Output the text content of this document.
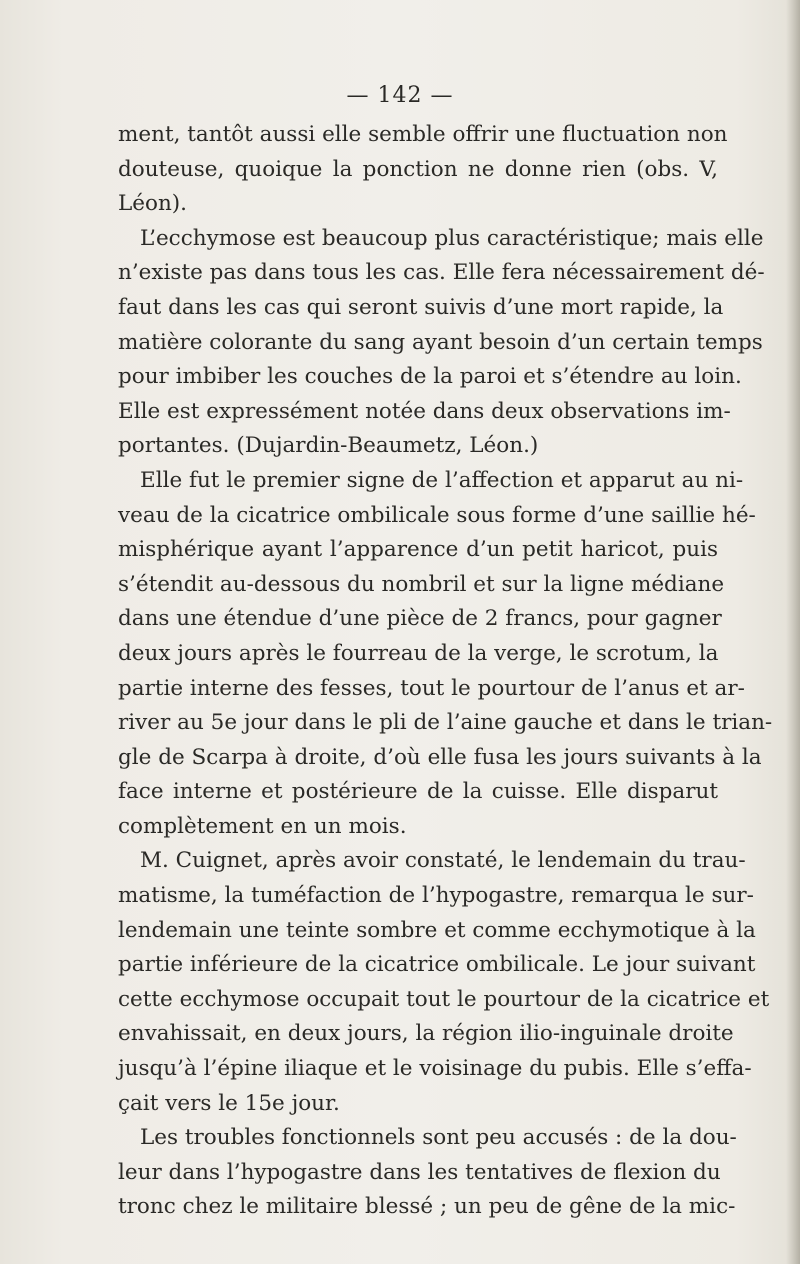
— 142 —
ment, tantôt aussi elle semble offrir une fluctuation non
douteuse, quoique la ponction ne donne rien (obs. V,
Léon).
L’ecchymose est beaucoup plus caractéristique; mais elle
n’existe pas dans tous les cas. Elle fera nécessairement dé-
faut dans les cas qui seront suivis d’une mort rapide, la
matière colorante du sang ayant besoin d’un certain temps
pour imbiber les couches de la paroi et s’étendre au loin.
Elle est expressément notée dans deux observations im-
portantes. (Dujardin-Beaumetz, Léon.)
Elle fut le premier signe de l’affection et apparut au ni-
veau de la cicatrice ombilicale sous forme d’une saillie hé-
misphérique ayant l’apparence d’un petit haricot, puis
s’étendit au-dessous du nombril et sur la ligne médiane
dans une étendue d’une pièce de 2 francs, pour gagner
deux jours après le fourreau de la verge, le scrotum, la
partie interne des fesses, tout le pourtour de l’anus et ar-
river au 5e jour dans le pli de l’aine gauche et dans le trian-
gle de Scarpa à droite, d’où elle fusa les jours suivants à la
face interne et postérieure de la cuisse. Elle disparut
complètement en un mois.
M. Cuignet, après avoir constaté, le lendemain du trau-
matisme, la tuméfaction de l’hypogastre, remarqua le sur-
lendemain une teinte sombre et comme ecchymotique à la
partie inférieure de la cicatrice ombilicale. Le jour suivant
cette ecchymose occupait tout le pourtour de la cicatrice et
envahissait, en deux jours, la région ilio-inguinale droite
jusqu’à l’épine iliaque et le voisinage du pubis. Elle s’effa-
çait vers le 15e jour.
Les troubles fonctionnels sont peu accusés : de la dou-
leur dans l’hypogastre dans les tentatives de flexion du
tronc chez le militaire blessé ; un peu de gêne de la mic-
